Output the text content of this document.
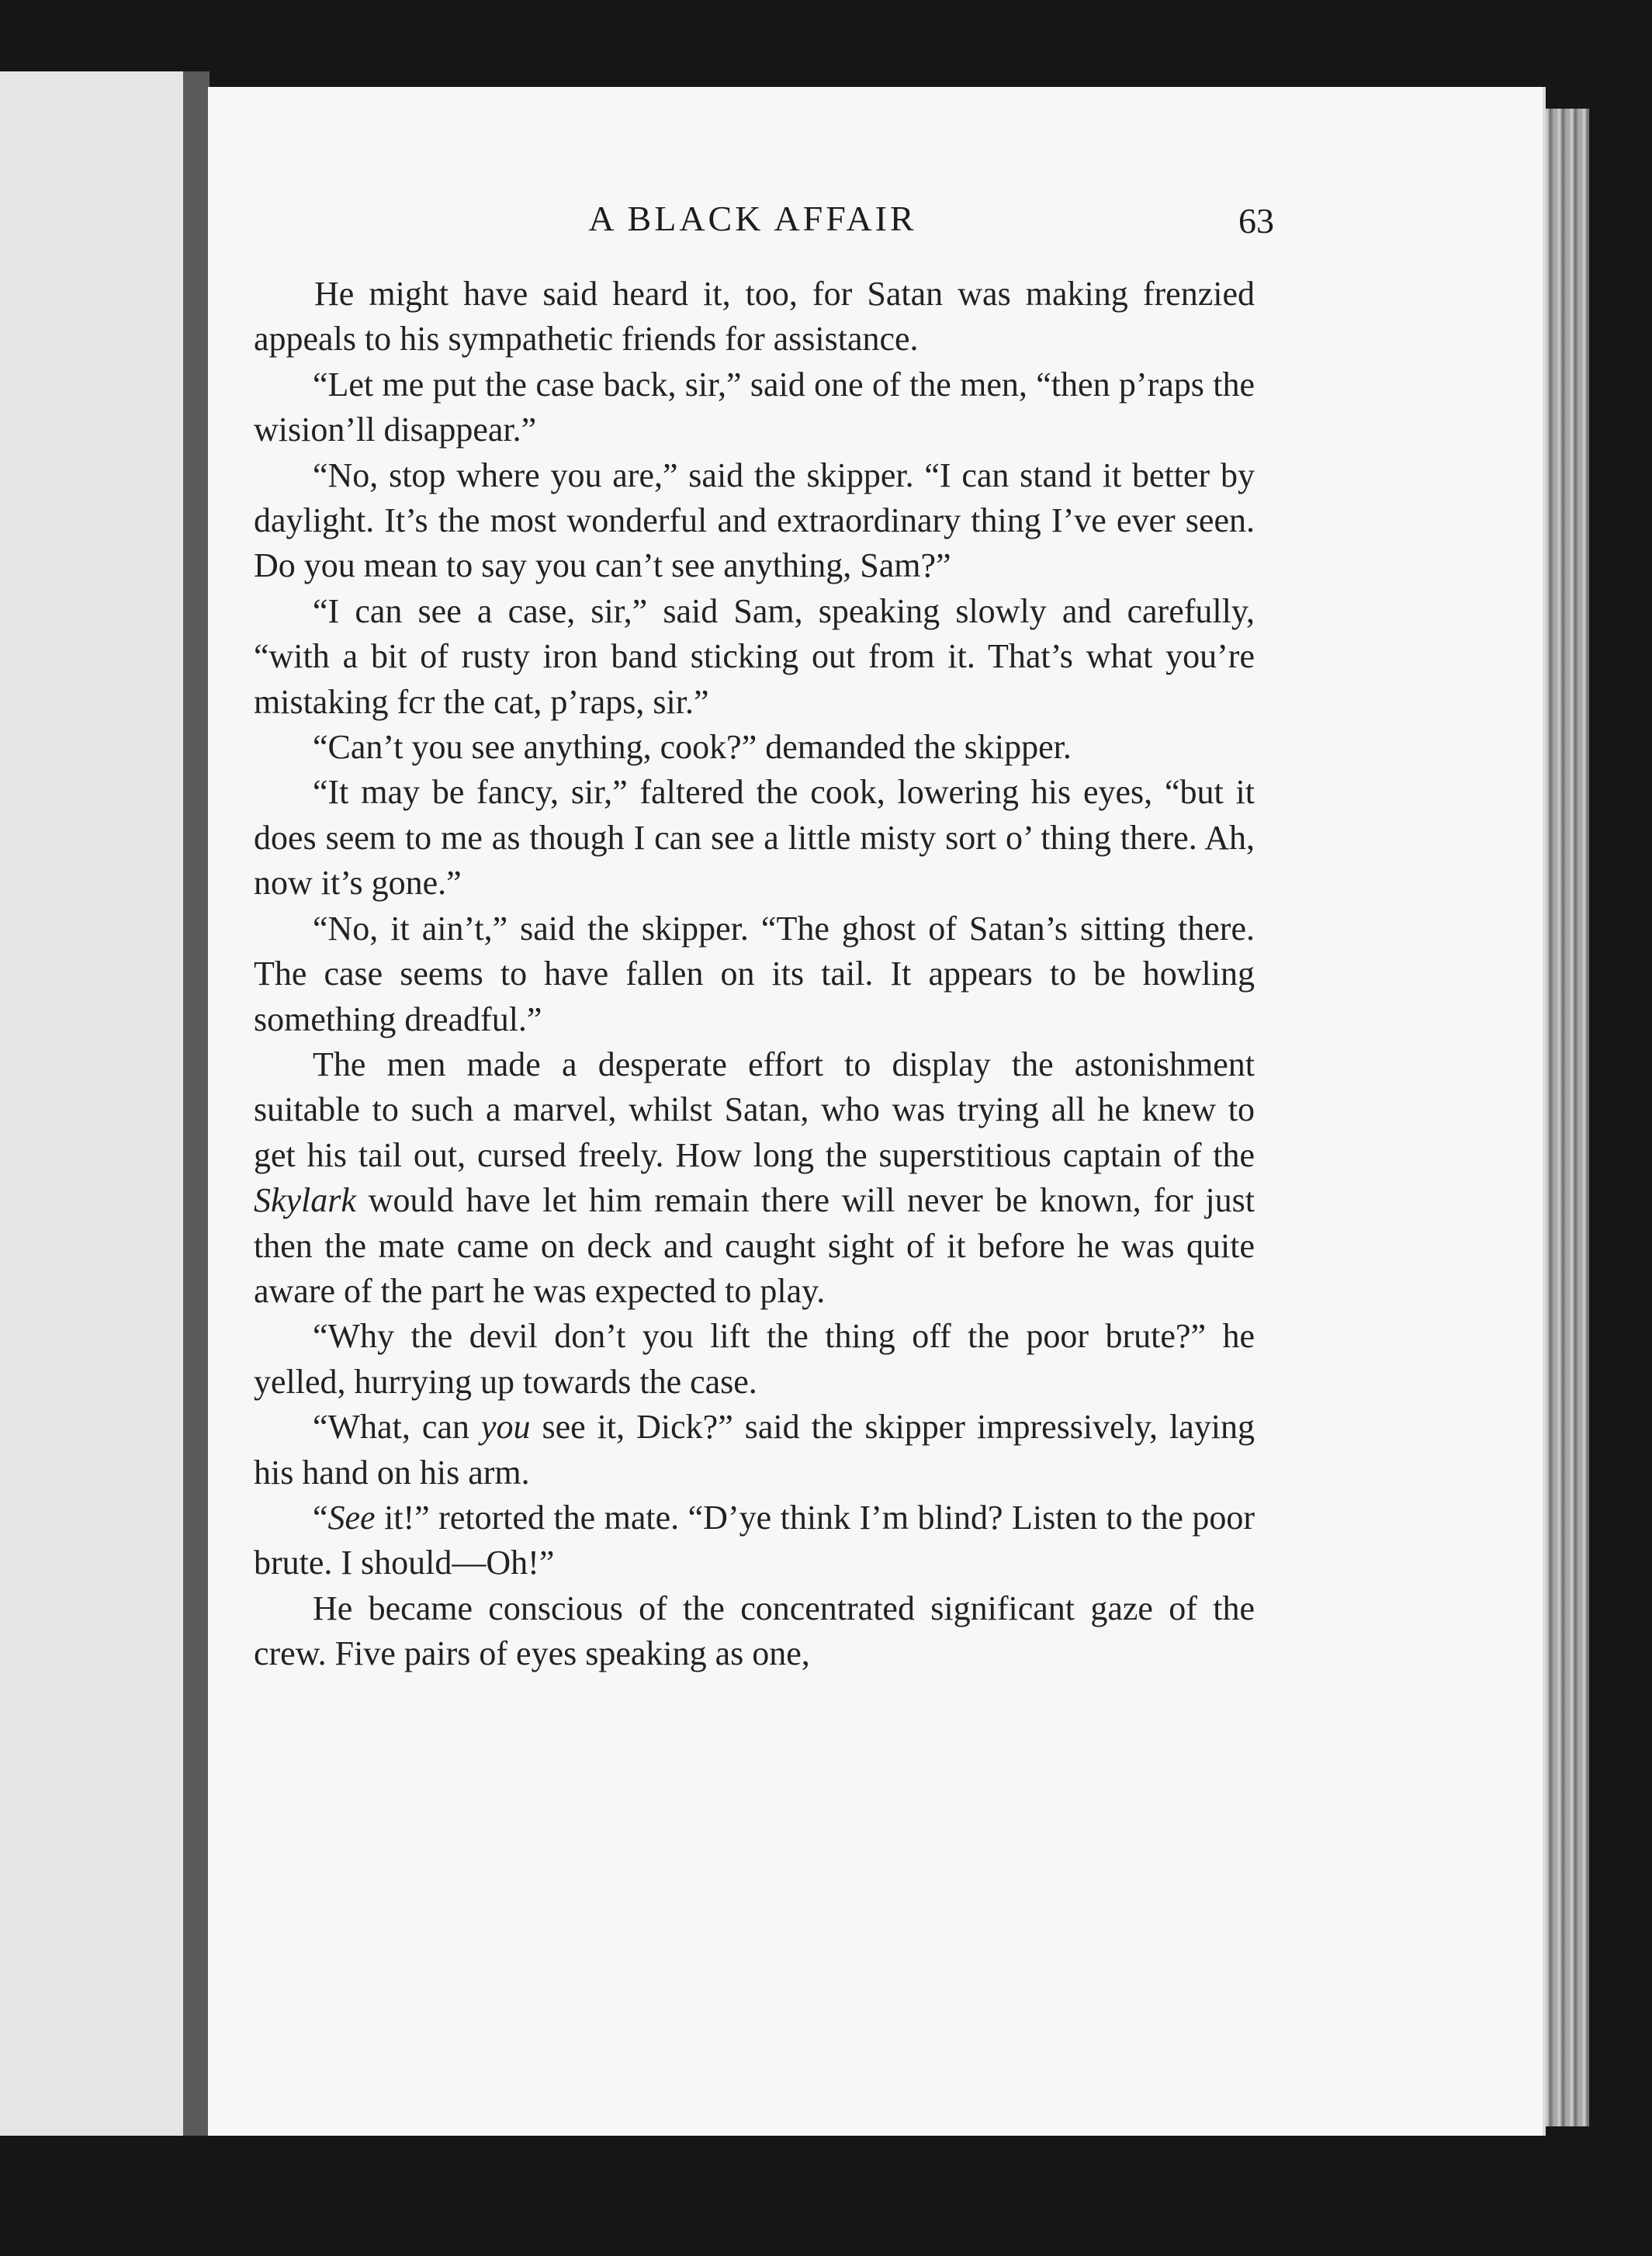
A BLACK AFFAIR	63

He might have said heard it, too, for Satan was making frenzied appeals to his sympathetic friends for assistance.

“Let me put the case back, sir,” said one of the men, “then p’raps the wision’ll disappear.”

“No, stop where you are,” said the skipper. “I can stand it better by daylight. It’s the most wonderful and extraordinary thing I’ve ever seen. Do you mean to say you can’t see anything, Sam?”

“I can see a case, sir,” said Sam, speaking slowly and carefully, “with a bit of rusty iron band sticking out from it. That’s what you’re mistaking fcr the cat, p’raps, sir.”

“Can’t you see anything, cook?” demanded the skipper.

“It may be fancy, sir,” faltered the cook, lowering his eyes, “but it does seem to me as though I can see a little misty sort o’ thing there. Ah, now it’s gone.”

“No, it ain’t,” said the skipper. “The ghost of Satan’s sitting there. The case seems to have fallen on its tail. It appears to be howling something dreadful.”

The men made a desperate effort to display the astonishment suitable to such a marvel, whilst Satan, who was trying all he knew to get his tail out, cursed freely. How long the superstitious captain of the Skylark would have let him remain there will never be known, for just then the mate came on deck and caught sight of it before he was quite aware of the part he was expected to play.

“Why the devil don’t you lift the thing off the poor brute?” he yelled, hurrying up towards the case.

“What, can you see it, Dick?” said the skipper impressively, laying his hand on his arm.

“See it!” retorted the mate. “D’ye think I’m blind? Listen to the poor brute. I should—Oh!”

He became conscious of the concentrated significant gaze of the crew. Five pairs of eyes speaking as one,
